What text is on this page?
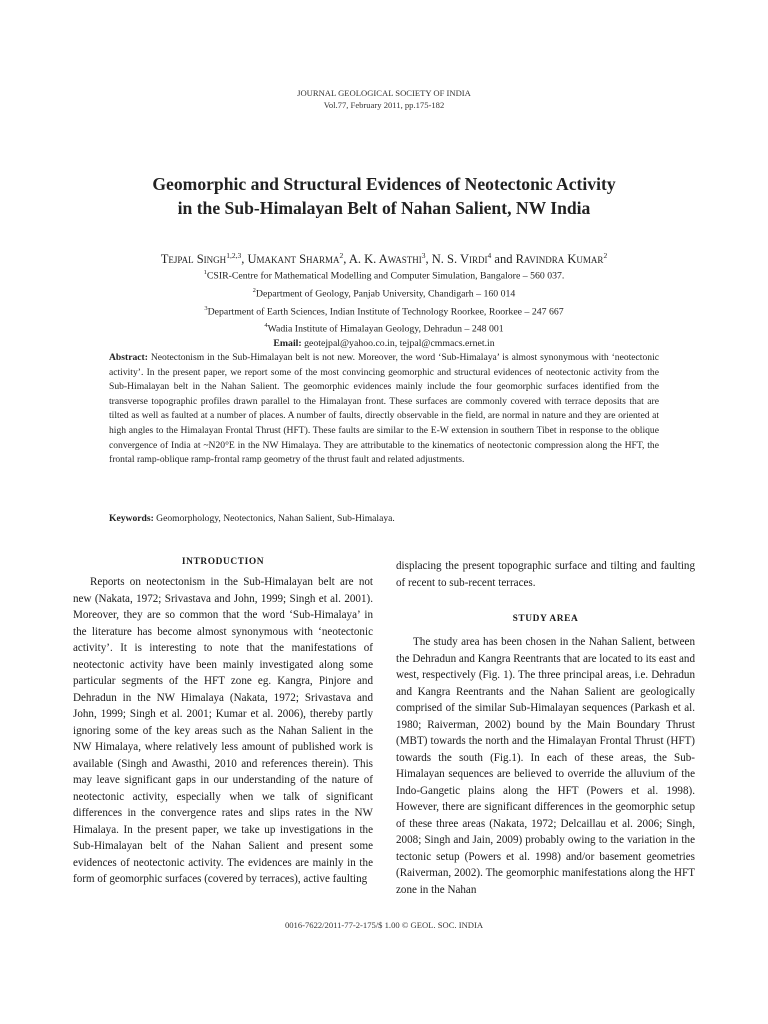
JOURNAL GEOLOGICAL SOCIETY OF INDIA
Vol.77, February 2011, pp.175-182
Geomorphic and Structural Evidences of Neotectonic Activity
in the Sub-Himalayan Belt of Nahan Salient, NW India
Tejpal Singh$^{1,2,3}$, Umakant Sharma$^2$, A. K. Awasthi$^3$, N. S. Virdi$^4$ and Ravindra Kumar$^2$
$^1$CSIR-Centre for Mathematical Modelling and Computer Simulation, Bangalore – 560 037.
$^2$Department of Geology, Panjab University, Chandigarh – 160 014
$^3$Department of Earth Sciences, Indian Institute of Technology Roorkee, Roorkee – 247 667
$^4$Wadia Institute of Himalayan Geology, Dehradun – 248 001
Email: geotejpal@yahoo.co.in, tejpal@cmmacs.ernet.in
Abstract: Neotectonism in the Sub-Himalayan belt is not new. Moreover, the word ‘Sub-Himalaya’ is almost synonymous with ‘neotectonic activity’. In the present paper, we report some of the most convincing geomorphic and structural evidences of neotectonic activity from the Sub-Himalayan belt in the Nahan Salient. The geomorphic evidences mainly include the four geomorphic surfaces identified from the transverse topographic profiles drawn parallel to the Himalayan front. These surfaces are commonly covered with terrace deposits that are tilted as well as faulted at a number of places. A number of faults, directly observable in the field, are normal in nature and they are oriented at high angles to the Himalayan Frontal Thrust (HFT). These faults are similar to the E-W extension in southern Tibet in response to the oblique convergence of India at ~N20°E in the NW Himalaya. They are attributable to the kinematics of neotectonic compression along the HFT, the frontal ramp-oblique ramp-frontal ramp geometry of the thrust fault and related adjustments.
Keywords: Geomorphology, Neotectonics, Nahan Salient, Sub-Himalaya.
INTRODUCTION

Reports on neotectonism in the Sub-Himalayan belt are not new (Nakata, 1972; Srivastava and John, 1999; Singh et al. 2001). Moreover, they are so common that the word ‘Sub-Himalaya’ in the literature has become almost synonymous with ‘neotectonic activity’. It is interesting to note that the manifestations of neotectonic activity have been mainly investigated along some particular segments of the HFT zone eg. Kangra, Pinjore and Dehradun in the NW Himalaya (Nakata, 1972; Srivastava and John, 1999; Singh et al. 2001; Kumar et al. 2006), thereby partly ignoring some of the key areas such as the Nahan Salient in the NW Himalaya, where relatively less amount of published work is available (Singh and Awasthi, 2010 and references therein). This may leave significant gaps in our understanding of the nature of neotectonic activity, especially when we talk of significant differences in the convergence rates and slips rates in the NW Himalaya. In the present paper, we take up investigations in the Sub-Himalayan belt of the Nahan Salient and present some evidences of neotectonic activity. The evidences are mainly in the form of geomorphic surfaces (covered by terraces), active faulting

displacing the present topographic surface and tilting and faulting of recent to sub-recent terraces.

STUDY AREA

The study area has been chosen in the Nahan Salient, between the Dehradun and Kangra Reentrants that are located to its east and west, respectively (Fig. 1). The three principal areas, i.e. Dehradun and Kangra Reentrants and the Nahan Salient are geologically comprised of the similar Sub-Himalayan sequences (Parkash et al. 1980; Raiverman, 2002) bound by the Main Boundary Thrust (MBT) towards the north and the Himalayan Frontal Thrust (HFT) towards the south (Fig.1). In each of these areas, the Sub-Himalayan sequences are believed to override the alluvium of the Indo-Gangetic plains along the HFT (Powers et al. 1998). However, there are significant differences in the geomorphic setup of these three areas (Nakata, 1972; Delcaillau et al. 2006; Singh, 2008; Singh and Jain, 2009) probably owing to the variation in the tectonic setup (Powers et al. 1998) and/or basement geometries (Raiverman, 2002). The geomorphic manifestations along the HFT zone in the Nahan

0016-7622/2011-77-2-175/$ 1.00 © GEOL. SOC. INDIA
